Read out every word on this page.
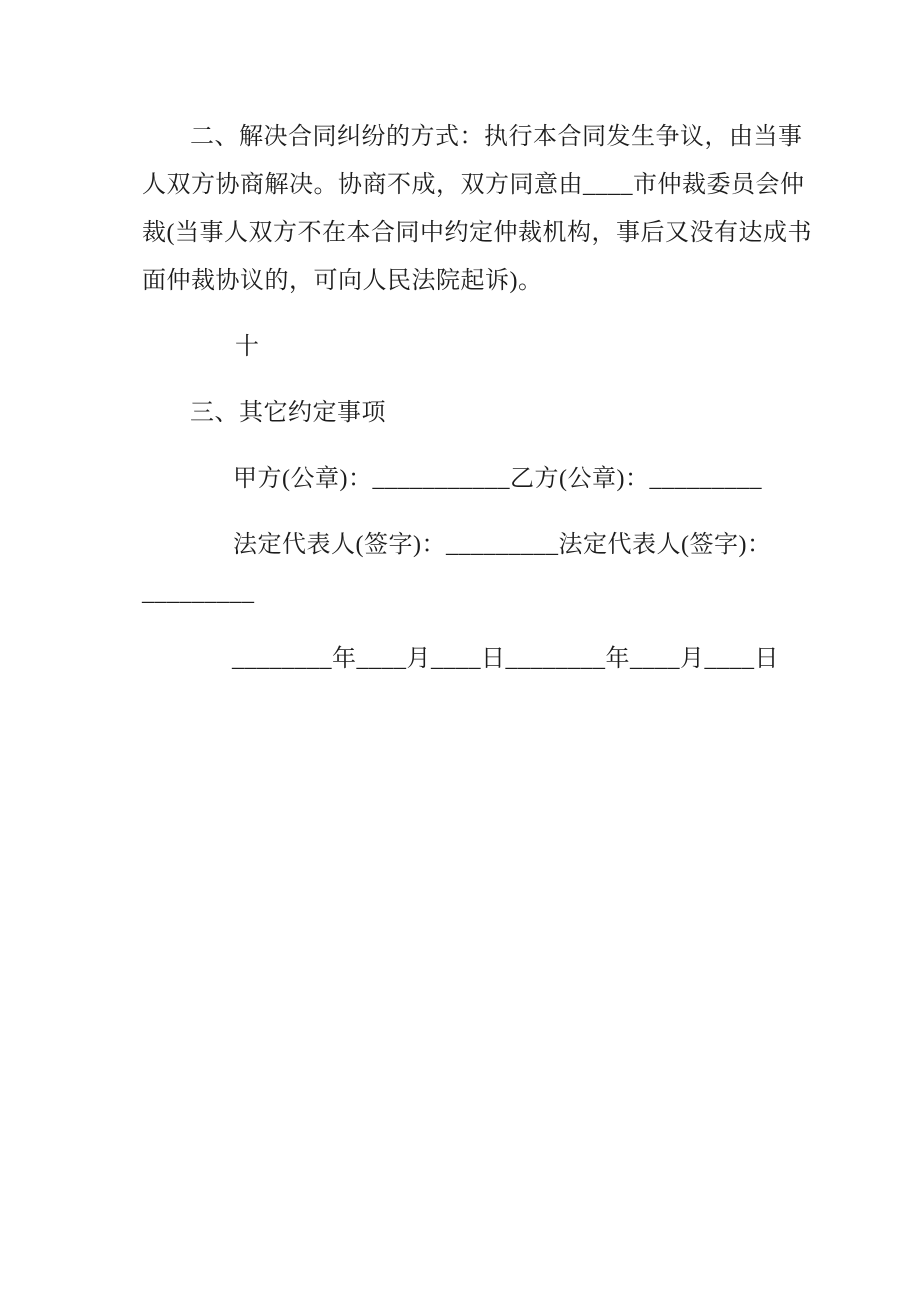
二、解决合同纠纷的方式：执行本合同发生争议，由当事
人双方协商解决。协商不成，双方同意由____市仲裁委员会仲
裁(当事人双方不在本合同中约定仲裁机构，事后又没有达成书
面仲裁协议的，可向人民法院起诉)。
十
三、其它约定事项
甲方(公章)：___________乙方(公章)：_________
法定代表人(签字)：_________法定代表人(签字)：
_________
________年____月____日________年____月____日
